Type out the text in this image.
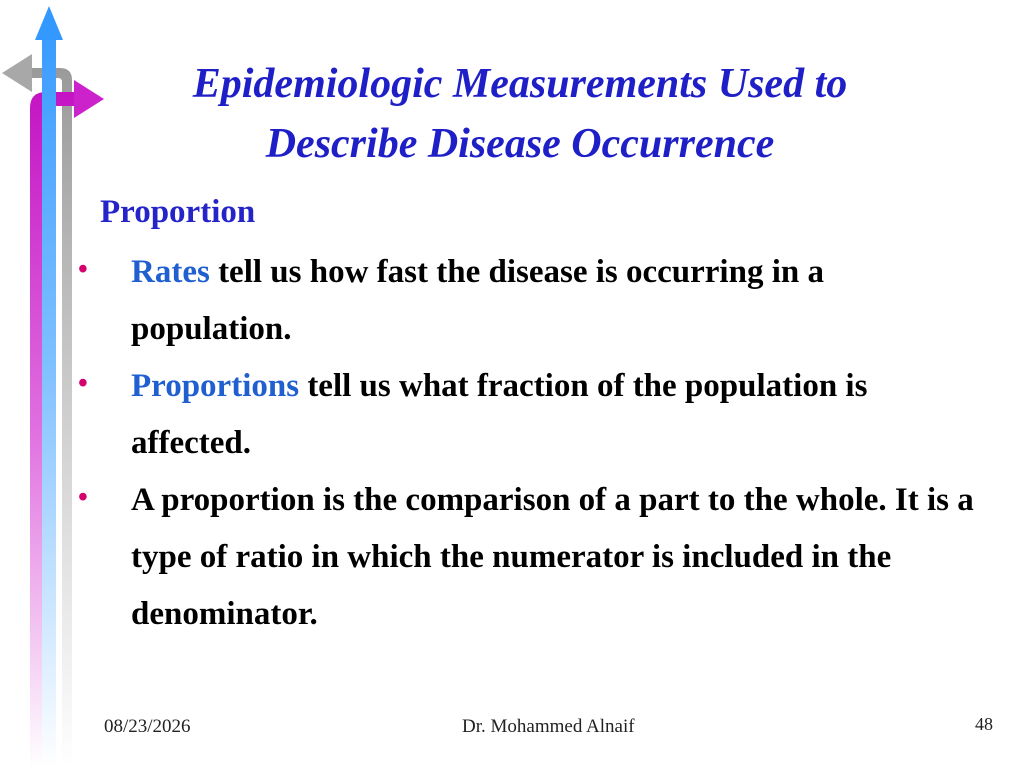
Epidemiologic Measurements Used to
Describe Disease Occurrence
Proportion
• Rates tell us how fast the disease is occurring in a population.
• Proportions tell us what fraction of the population is affected.
• A proportion is the comparison of a part to the whole. It is a type of ratio in which the numerator is included in the denominator.
08/23/2026	Dr. Mohammed Alnaif	48
